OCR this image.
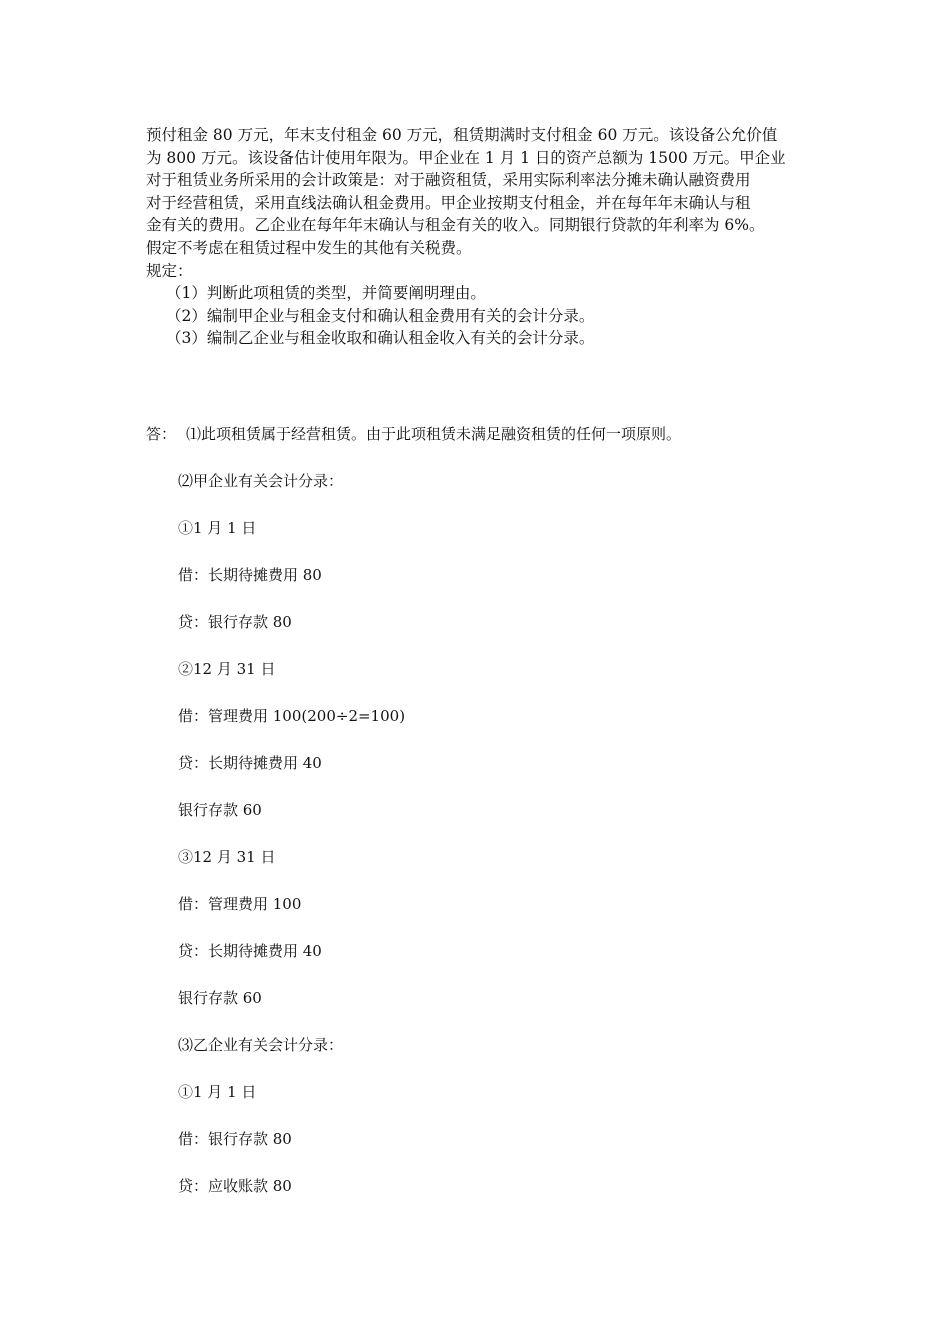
预付租金 80 万元，年末支付租金 60 万元，租赁期满时支付租金 60 万元。该设备公允价值
为 800 万元。该设备估计使用年限为。甲企业在 1 月 1 日的资产总额为 1500 万元。甲企业
对于租赁业务所采用的会计政策是：对于融资租赁，采用实际利率法分摊未确认融资费用
对于经营租赁，采用直线法确认租金费用。甲企业按期支付租金，并在每年年末确认与租
金有关的费用。乙企业在每年年末确认与租金有关的收入。同期银行贷款的年利率为 6%。
假定不考虑在租赁过程中发生的其他有关税费。
规定：
（1）判断此项租赁的类型，并简要阐明理由。
（2）编制甲企业与租金支付和确认租金费用有关的会计分录。
（3）编制乙企业与租金收取和确认租金收入有关的会计分录。
答： ⑴此项租赁属于经营租赁。由于此项租赁未满足融资租赁的任何一项原则。
⑵甲企业有关会计分录：
①1 月 1 日
借：长期待摊费用 80
贷：银行存款 80
②12 月 31 日
借：管理费用 100(200÷2=100)
贷：长期待摊费用 40
银行存款 60
③12 月 31 日
借：管理费用 100
贷：长期待摊费用 40
银行存款 60
⑶乙企业有关会计分录：
①1 月 1 日
借：银行存款 80
贷：应收账款 80
